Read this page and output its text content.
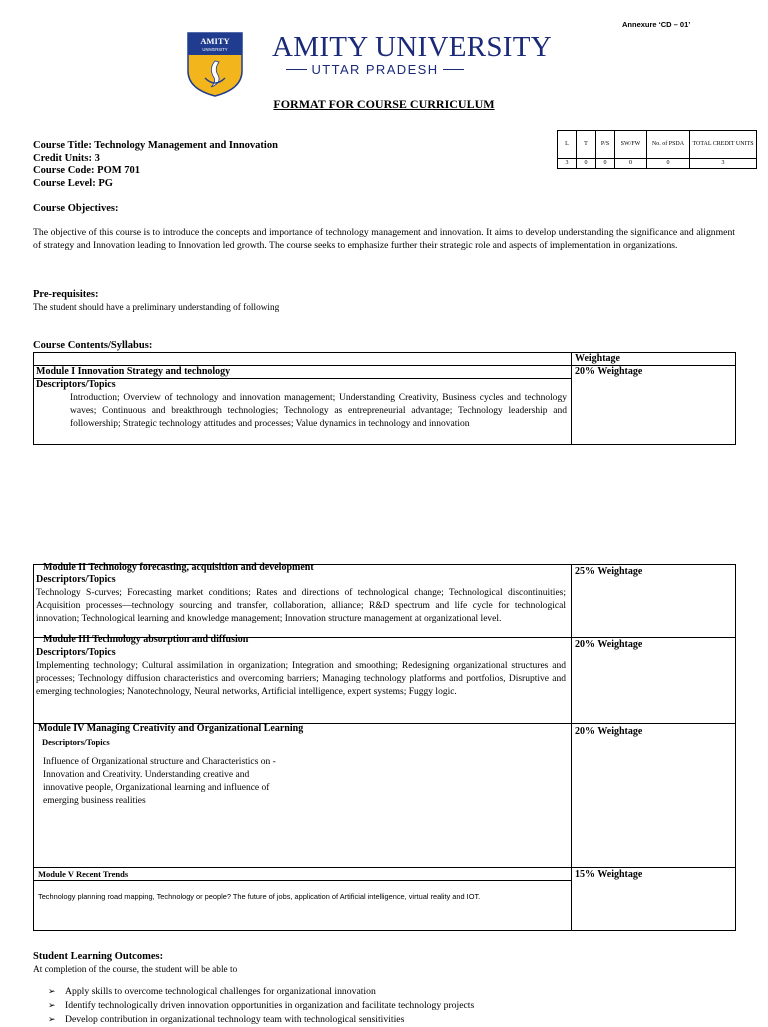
Annexure ‘CD – 01’
AMITY
UNIVERSITY AMITY UNIVERSITY
UTTAR PRADESH
FORMAT FOR COURSE CURRICULUM
Course Title: Technology Management and Innovation
Credit Units: 3
Course Code: POM 701
Course Level: PG
L	T	P/S	SW/FW	No. of PSDA	TOTAL CREDIT UNITS
3	0	0	0	0	3
Course Objectives:
The objective of this course is to introduce the concepts and importance of technology management and innovation. It aims to develop understanding the significance and alignment of strategy and Innovation leading to Innovation led growth. The course seeks to emphasize further their strategic role and aspects of implementation in organizations.
Pre-requisites:
The student should have a preliminary understanding of following
Course Contents/Syllabus:
Weightage
Module I Innovation Strategy and technology	20% Weightage
Descriptors/Topics
Introduction; Overview of technology and innovation management; Understanding Creativity, Business cycles and technology waves; Continuous and breakthrough technologies; Technology as entrepreneurial advantage; Technology leadership and followership; Strategic technology attitudes and processes; Value dynamics in technology and innovation
Module II Technology forecasting, acquisition and development	25% Weightage
Descriptors/Topics
Technology S-curves; Forecasting market conditions; Rates and directions of technological change; Technological discontinuities; Acquisition processes—technology sourcing and transfer, collaboration, alliance; R&D spectrum and life cycle for technological innovation; Technological learning and knowledge management; Innovation structure management at organizational level.
Module III Technology absorption and diffusion	20% Weightage
Descriptors/Topics
Implementing technology; Cultural assimilation in organization; Integration and smoothing; Redesigning organizational structures and processes; Technology diffusion characteristics and overcoming barriers; Managing technology platforms and portfolios, Disruptive and emerging technologies; Nanotechnology, Neural networks, Artificial intelligence, expert systems; Fuggy logic.
Module IV Managing Creativity and Organizational Learning	20% Weightage
Descriptors/Topics
Influence of Organizational structure and Characteristics on -
Innovation and Creativity. Understanding creative and
innovative people, Organizational learning and influence of
emerging business realities
Module V Recent Trends	15% Weightage
Technology planning road mapping, Technology or people? The future of jobs, application of Artificial intelligence, virtual reality and IOT.
Student Learning Outcomes:
At completion of the course, the student will be able to
➢ Apply skills to overcome technological challenges for organizational innovation
➢ Identify technologically driven innovation opportunities in organization and facilitate technology projects
➢ Develop contribution in organizational technology team with technological sensitivities
